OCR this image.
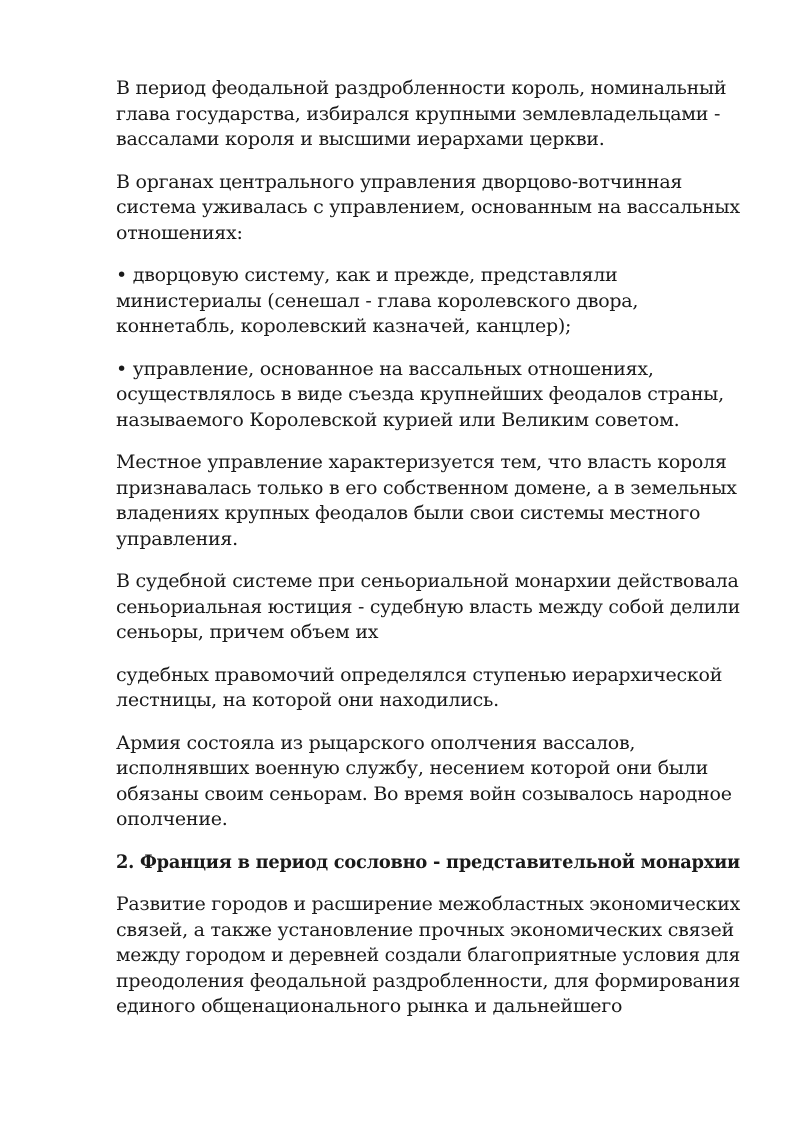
В период феодальной раздробленности король, номинальный
глава государства, избирался крупными землевладельцами -
вассалами короля и высшими иерархами церкви.
В органах центрального управления дворцово-вотчинная
система уживалась с управлением, основанным на вассальных
отношениях:
• дворцовую систему, как и прежде, представляли
министериалы (сенешал - глава королевского двора,
коннетабль, королевский казначей, канцлер);
• управление, основанное на вассальных отношениях,
осуществлялось в виде съезда крупнейших феодалов страны,
называемого Королевской курией или Великим советом.
Местное управление характеризуется тем, что власть короля
признавалась только в его собственном домене, а в земельных
владениях крупных феодалов были свои системы местного
управления.
В судебной системе при сеньориальной монархии действовала
сеньориальная юстиция - судебную власть между собой делили
сеньоры, причем объем их
судебных правомочий определялся ступенью иерархической
лестницы, на которой они находились.
Армия состояла из рыцарского ополчения вассалов,
исполнявших военную службу, несением которой они были
обязаны своим сеньорам. Во время войн созывалось народное
ополчение.
2. Франция в период сословно - представительной монархии
Развитие городов и расширение межобластных экономических
связей, а также установление прочных экономических связей
между городом и деревней создали благоприятные условия для
преодоления феодальной раздробленности, для формирования
единого общенационального рынка и дальнейшего
